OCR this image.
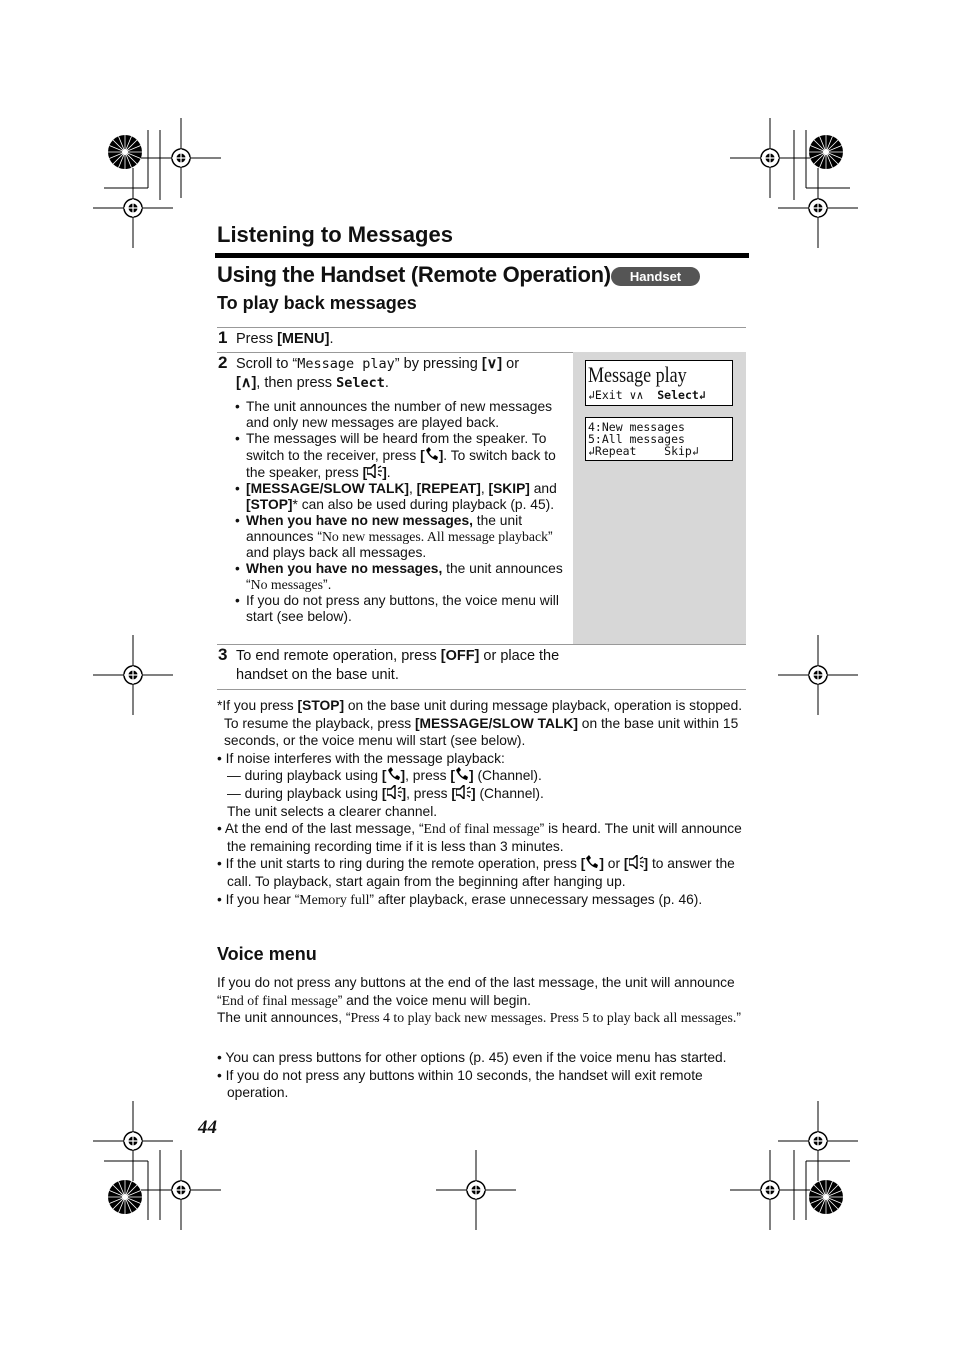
Listening to Messages
Using the Handset (Remote Operation)	Handset
To play back messages
1 Press [MENU].
2 Scroll to “Message play” by pressing [∨] or
[∧], then press Select.
• The unit announces the number of new messages and only new messages are played back.
• The messages will be heard from the speaker. To switch to the receiver, press [ ]. To switch back to the speaker, press [ ].
• [MESSAGE/SLOW TALK], [REPEAT], [SKIP] and [STOP]* can also be used during playback (p. 45).
• When you have no new messages, the unit announces “No new messages. All message playback” and plays back all messages.
• When you have no messages, the unit announces “No messages”.
• If you do not press any buttons, the voice menu will start (see below).
Message play
↲Exit ∨∧  Select↲
4:New messages
5:All messages
↲Repeat    Skip↲
3 To end remote operation, press [OFF] or place the handset on the base unit.

*If you press [STOP] on the base unit during message playback, operation is stopped.

To resume the playback, press [MESSAGE/SLOW TALK] on the base unit within 15 seconds, or the voice menu will start (see below).

• If noise interferes with the message playback:

— during playback using [ ], press [ ] (Channel).

— during playback using [ ], press [ ] (Channel).

The unit selects a clearer channel.

• At the end of the last message, “End of final message” is heard. The unit will announce the remaining recording time if it is less than 3 minutes.

• If the unit starts to ring during the remote operation, press [ ] or [ ] to answer the call. To playback, start again from the beginning after hanging up.

• If you hear “Memory full” after playback, erase unnecessary messages (p. 46).

Voice menu

If you do not press any buttons at the end of the last message, the unit will announce “End of final message” and the voice menu will begin.

The unit announces, “Press 4 to play back new messages. Press 5 to play back all messages.”

• You can press buttons for other options (p. 45) even if the voice menu has started.

• If you do not press any buttons within 10 seconds, the handset will exit remote operation.

44
